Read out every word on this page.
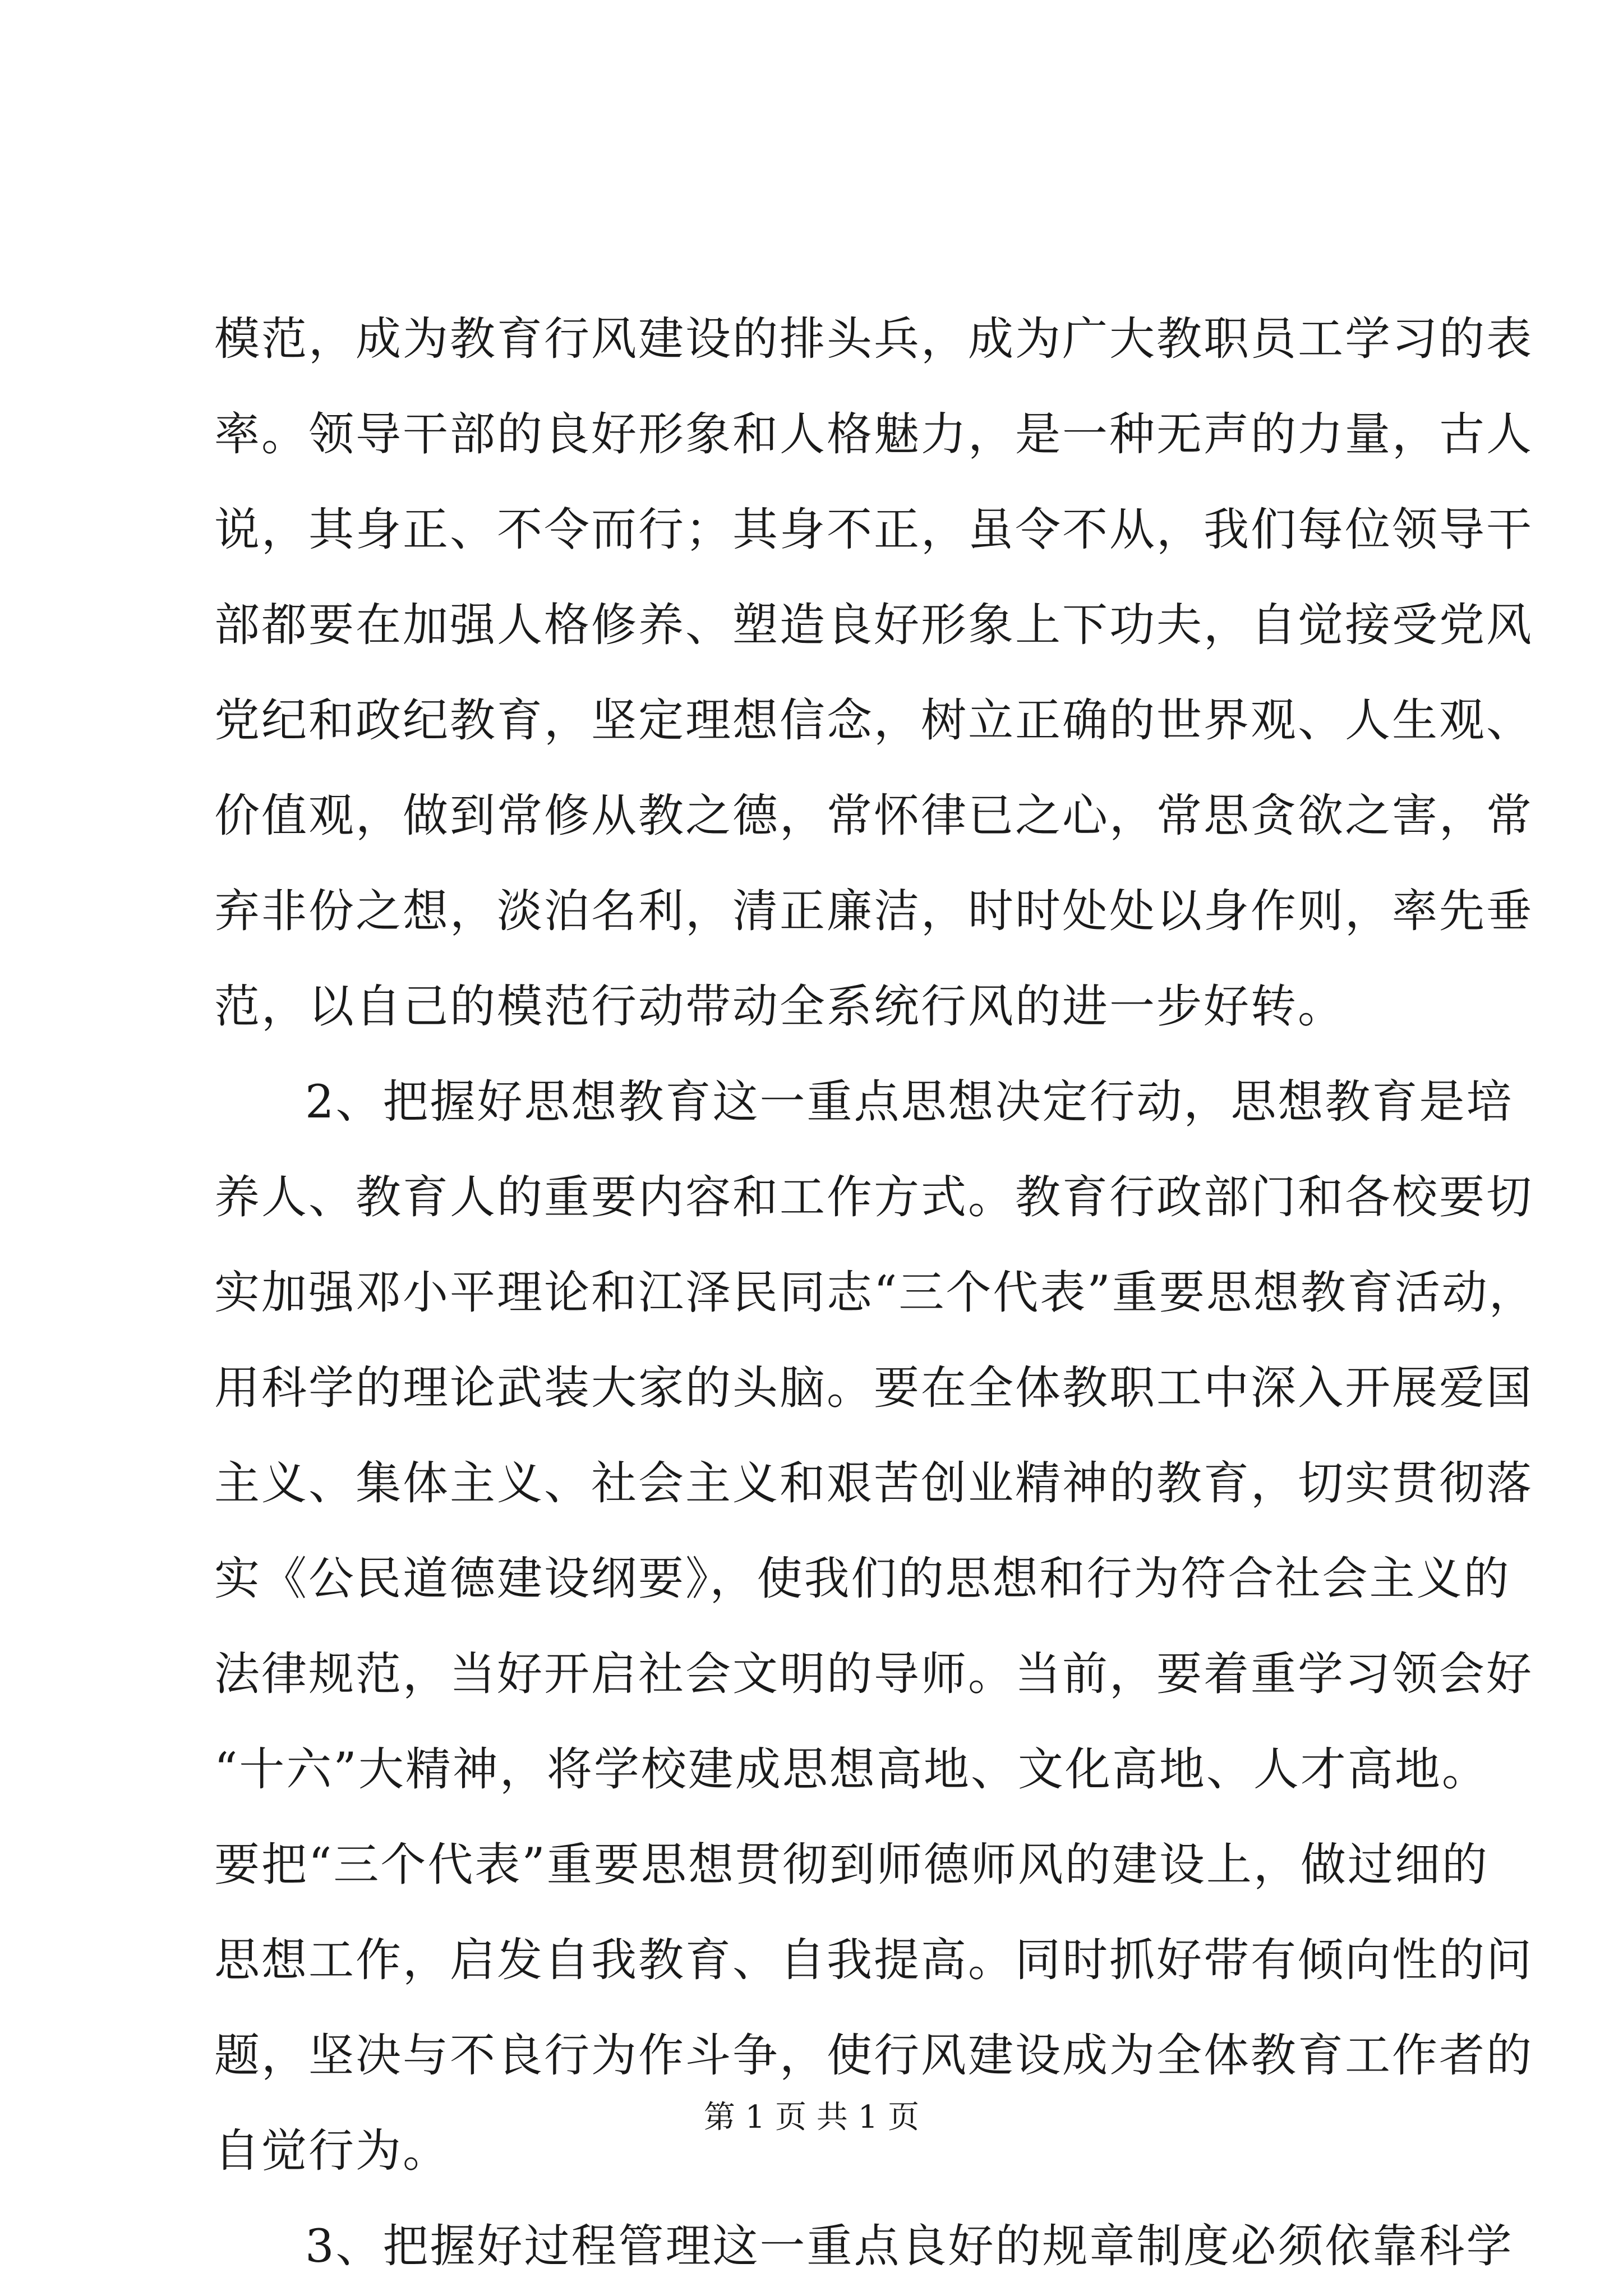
模范，成为教育行风建设的排头兵，成为广大教职员工学习的表
率。领导干部的良好形象和人格魅力，是一种无声的力量，古人
说，其身正、不令而行；其身不正，虽令不从，我们每位领导干
部都要在加强人格修养、塑造良好形象上下功夫，自觉接受党风
党纪和政纪教育，坚定理想信念，树立正确的世界观、人生观、
价值观，做到常修从教之德，常怀律已之心，常思贪欲之害，常
弃非份之想，淡泊名利，清正廉洁，时时处处以身作则，率先垂
范，以自己的模范行动带动全系统行风的进一步好转。
2、把握好思想教育这一重点思想决定行动，思想教育是培
养人、教育人的重要内容和工作方式。教育行政部门和各校要切
实加强邓小平理论和江泽民同志“三个代表”重要思想教育活动，
用科学的理论武装大家的头脑。要在全体教职工中深入开展爱国
主义、集体主义、社会主义和艰苦创业精神的教育，切实贯彻落
实《公民道德建设纲要》，使我们的思想和行为符合社会主义的
法律规范，当好开启社会文明的导师。当前，要着重学习领会好
“十六”大精神，将学校建成思想高地、文化高地、人才高地。
要把“三个代表”重要思想贯彻到师德师风的建设上，做过细的
思想工作，启发自我教育、自我提高。同时抓好带有倾向性的问
题，坚决与不良行为作斗争，使行风建设成为全体教育工作者的
自觉行为。
3、把握好过程管理这一重点良好的规章制度必须依靠科学
第 1 页 共 1 页
